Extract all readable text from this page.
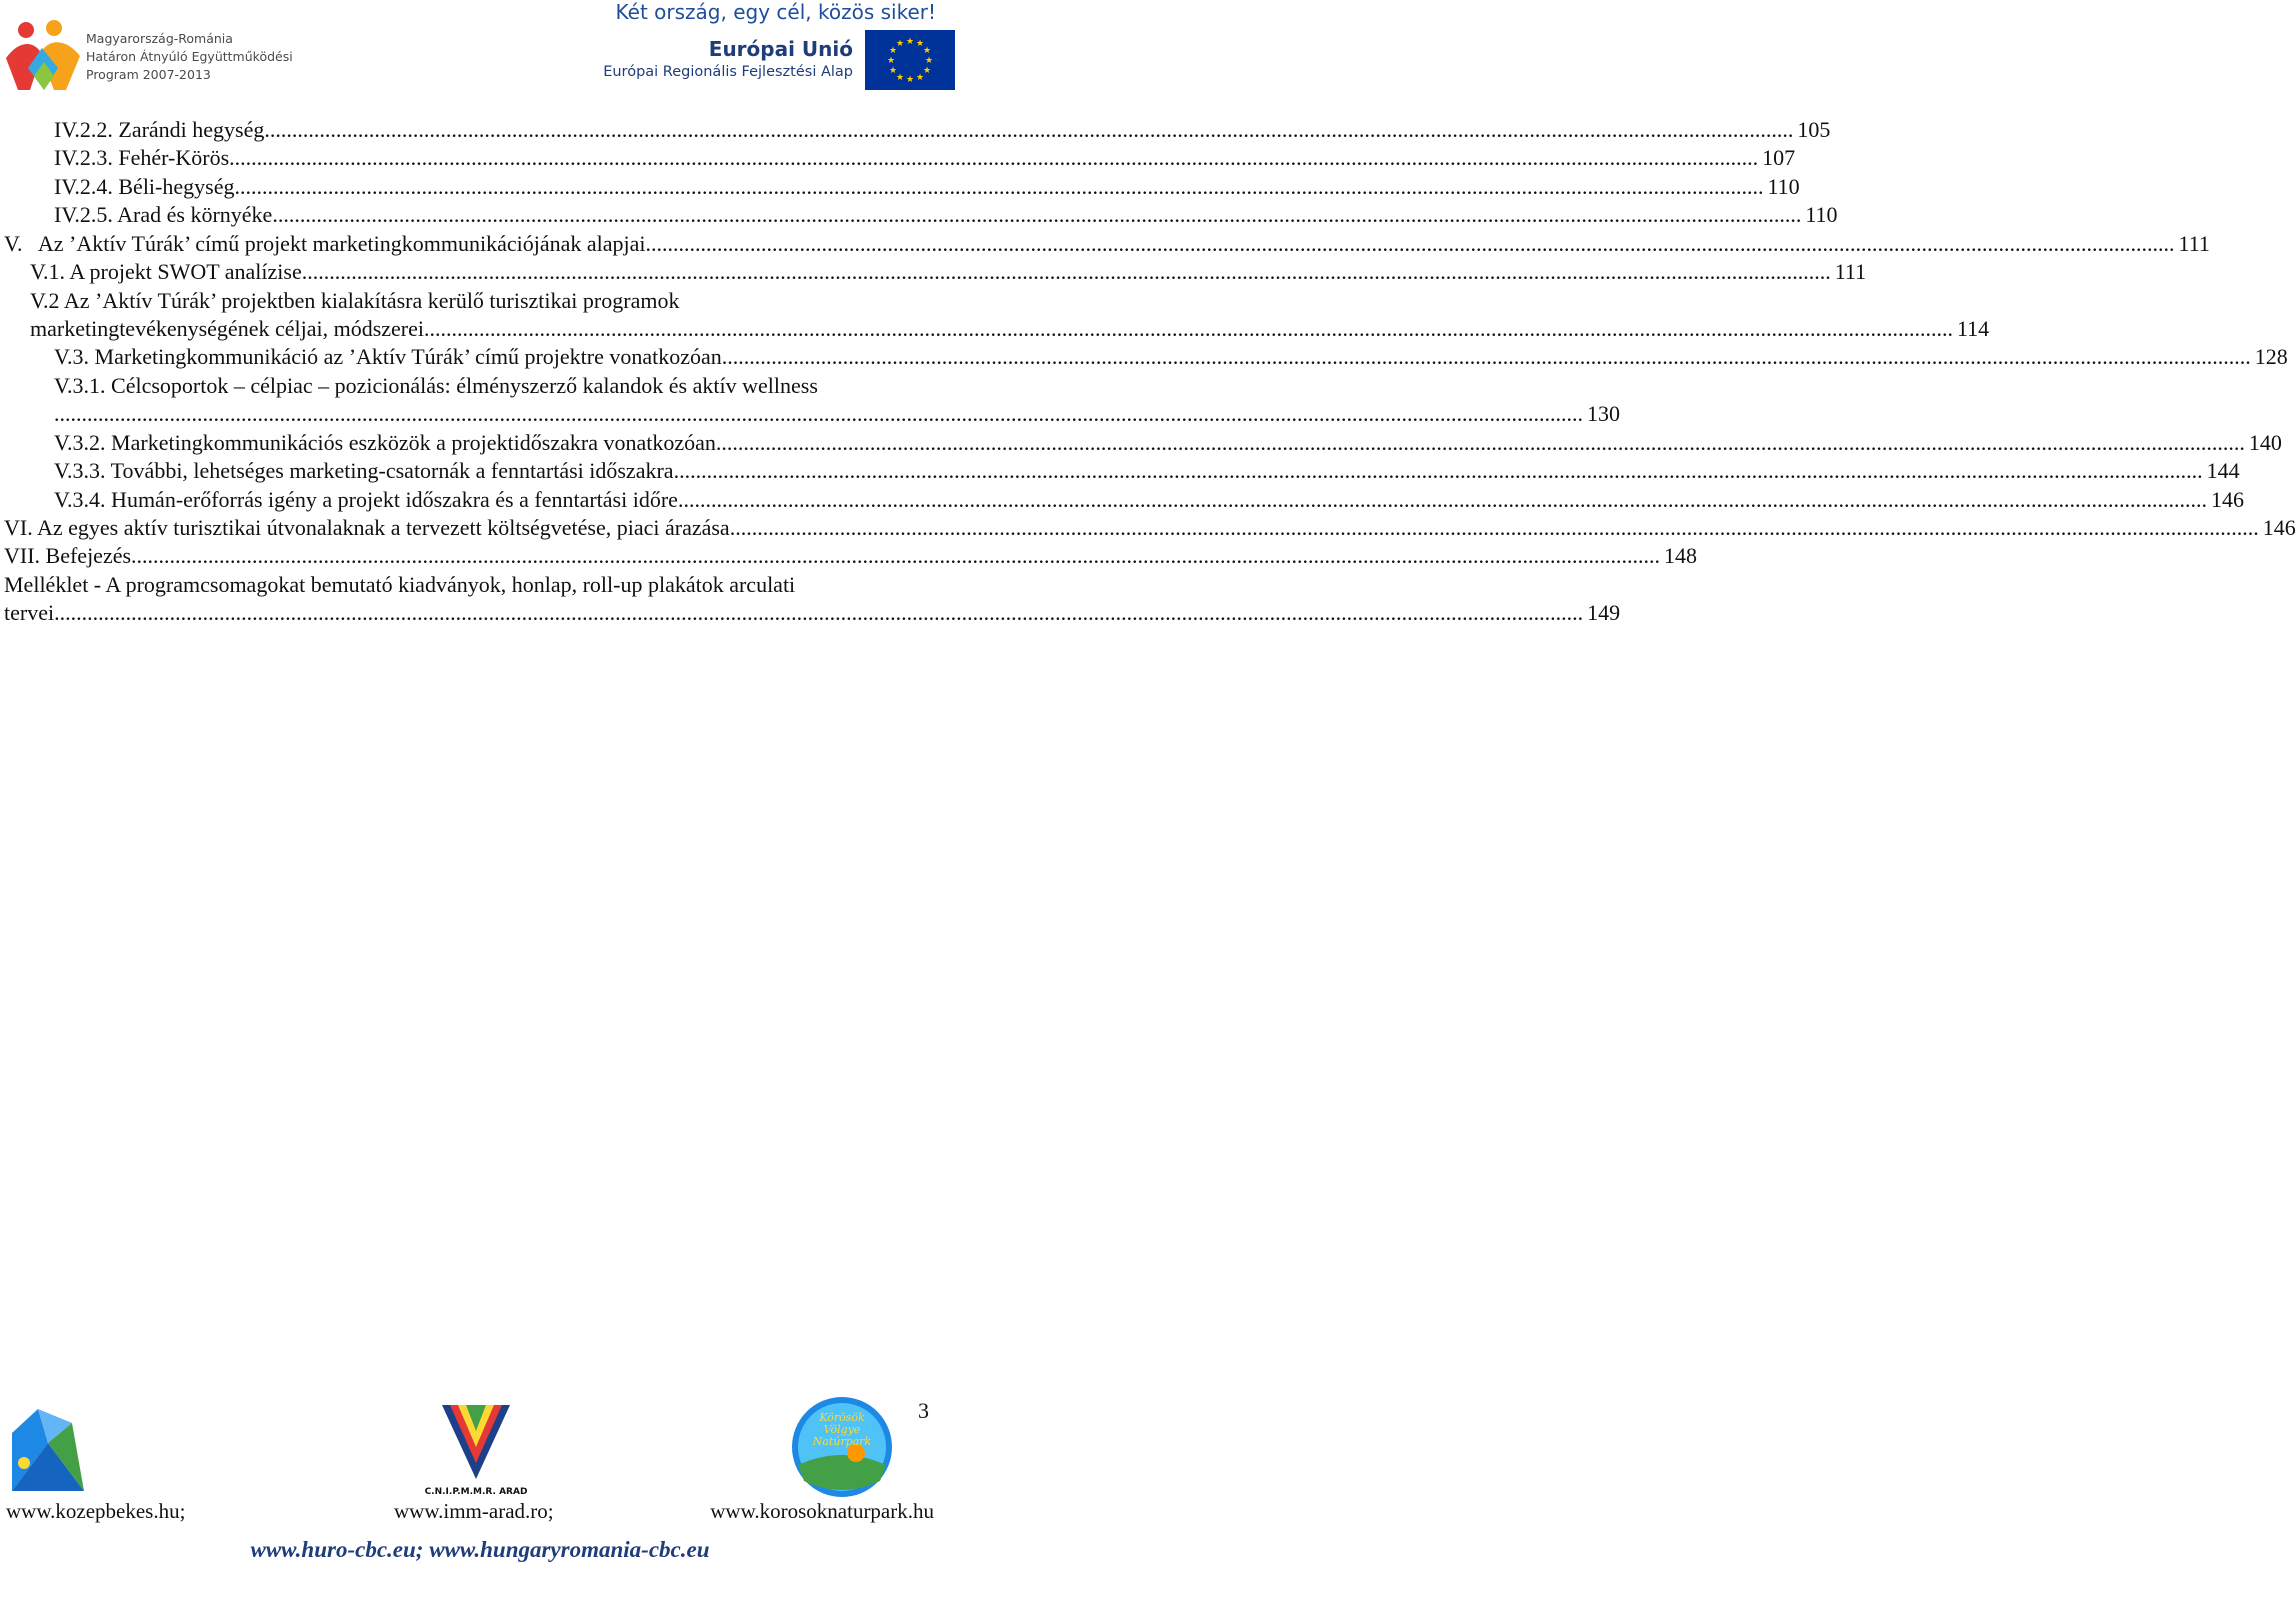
Magyarország-Románia
Határon Átnyúló Együttműködési
Program 2007-2013
Két ország, egy cél, közös siker!
Európai Unió
Európai Regionális Fejlesztési Alap
★ ★
★
★
★
★
★
★
★
★
★
★
IV.2.2. Zarándi hegység ...................................................................................................................................................................................................................................................................................... 105
IV.2.3. Fehér-Körös ...................................................................................................................................................................................................................................................................................... 107
IV.2.4. Béli-hegység ...................................................................................................................................................................................................................................................................................... 110
IV.2.5. Arad és környéke ...................................................................................................................................................................................................................................................................................... 110
V.   Az ’Aktív Túrák’ című projekt marketingkommunikációjának alapjai ...................................................................................................................................................................................................................................................................................... 111
V.1. A projekt SWOT analízise ...................................................................................................................................................................................................................................................................................... 111
V.2 Az ’Aktív Túrák’ projektben kialakításra kerülő turisztikai programok
marketingtevékenységének céljai, módszerei ...................................................................................................................................................................................................................................................................................... 114
V.3. Marketingkommunikáció az ’Aktív Túrák’ című projektre vonatkozóan ...................................................................................................................................................................................................................................................................................... 128
V.3.1. Célcsoportok – célpiac – pozicionálás: élményszerző kalandok és aktív wellness
...................................................................................................................................................................................................................................................................................... 130
V.3.2. Marketingkommunikációs eszközök a projektidőszakra vonatkozóan ...................................................................................................................................................................................................................................................................................... 140
V.3.3. További, lehetséges marketing-csatornák a fenntartási időszakra ...................................................................................................................................................................................................................................................................................... 144
V.3.4. Humán-erőforrás igény a projekt időszakra és a fenntartási időre ...................................................................................................................................................................................................................................................................................... 146
VI. Az egyes aktív turisztikai útvonalaknak a tervezett költségvetése, piaci árazása ...................................................................................................................................................................................................................................................................................... 146
VII. Befejezés ...................................................................................................................................................................................................................................................................................... 148
Melléklet - A programcsomagokat bemutató kiadványok, honlap, roll-up plakátok arculati
tervei ...................................................................................................................................................................................................................................................................................... 149
3
C.N.I.P.M.M.R. ARAD
Körösök
Völgye
Natúrpark
www.kozepbekes.hu;	www.imm-arad.ro;	www.korosoknaturpark.hu
www.huro-cbc.eu; www.hungaryromania-cbc.eu
